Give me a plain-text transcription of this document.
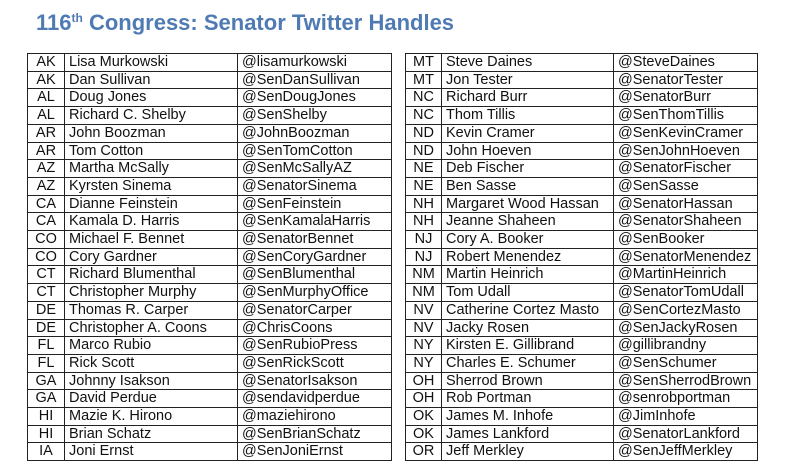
116th Congress: Senator Twitter Handles
AK	Lisa Murkowski	@lisamurkowski
AK	Dan Sullivan	@SenDanSullivan
AL	Doug Jones	@SenDougJones
AL	Richard C. Shelby	@SenShelby
AR	John Boozman	@JohnBoozman
AR	Tom Cotton	@SenTomCotton
AZ	Martha McSally	@SenMcSallyAZ
AZ	Kyrsten Sinema	@SenatorSinema
CA	Dianne Feinstein	@SenFeinstein
CA	Kamala D. Harris	@SenKamalaHarris
CO	Michael F. Bennet	@SenatorBennet
CO	Cory Gardner	@SenCoryGardner
CT	Richard Blumenthal	@SenBlumenthal
CT	Christopher Murphy	@SenMurphyOffice
DE	Thomas R. Carper	@SenatorCarper
DE	Christopher A. Coons	@ChrisCoons
FL	Marco Rubio	@SenRubioPress
FL	Rick Scott	@SenRickScott
GA	Johnny Isakson	@SenatorIsakson
GA	David Perdue	@sendavidperdue
HI	Mazie K. Hirono	@maziehirono
HI	Brian Schatz	@SenBrianSchatz
IA	Joni Ernst	@SenJoniErnst
MT	Steve Daines	@SteveDaines
MT	Jon Tester	@SenatorTester
NC	Richard Burr	@SenatorBurr
NC	Thom Tillis	@SenThomTillis
ND	Kevin Cramer	@SenKevinCramer
ND	John Hoeven	@SenJohnHoeven
NE	Deb Fischer	@SenatorFischer
NE	Ben Sasse	@SenSasse
NH	Margaret Wood Hassan	@SenatorHassan
NH	Jeanne Shaheen	@SenatorShaheen
NJ	Cory A. Booker	@SenBooker
NJ	Robert Menendez	@SenatorMenendez
NM	Martin Heinrich	@MartinHeinrich
NM	Tom Udall	@SenatorTomUdall
NV	Catherine Cortez Masto	@SenCortezMasto
NV	Jacky Rosen	@SenJackyRosen
NY	Kirsten E. Gillibrand	@gillibrandny
NY	Charles E. Schumer	@SenSchumer
OH	Sherrod Brown	@SenSherrodBrown
OH	Rob Portman	@senrobportman
OK	James M. Inhofe	@JimInhofe
OK	James Lankford	@SenatorLankford
OR	Jeff Merkley	@SenJeffMerkley
